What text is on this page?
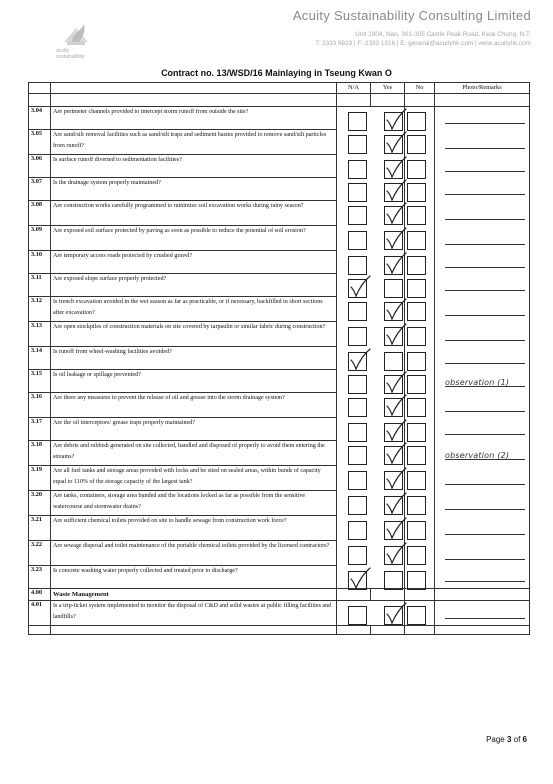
acuity
sustainability
Acuity Sustainability Consulting Limited
Unit 1904, Nan, 301-305 Castle Peak Road, Kwai Chung, N.T.
T: 2333 6823 | F: 2333 1316 | E: general@acuityhk.com | www.acuityhk.com
Contract no. 13/WSD/16 Mainlaying in Tseung Kwan O
		N/A	Yes	No	Photo/Remarks

3.04	Are perimeter channels provided to intercept storm runoff from outside the site?	

3.05	Are sand/silt removal facilities such as sand/silt traps and sediment basins provided to remove sand/silt particles from runoff?	

3.06	Is surface runoff diverted to sedimentation facilities?	

3.07	Is the drainage system properly maintained?	

3.08	Are construction works carefully programmed to minimize soil excavation works during rainy season?	

3.09	Are exposed soil surface protected by paving as soon as possible to reduce the potential of soil erosion?	

3.10	Are temporary access roads protected by crushed gravel?	

3.11	Are exposed slope surface properly protected?	

3.12	Is trench excavation avoided in the wet season as far as practicable, or if necessary, backfilled in short sections after excavation?	

3.13	Are open stockpiles of construction materials on site covered by tarpaulin or similar fabric during construction?	

3.14	Is runoff from wheel-washing facilities avoided?	

3.15	Is oil leakage or spillage prevented?				observation (1)

3.16	Are there any measures to prevent the release of oil and grease into the storm drainage system?	

3.17	Are the oil interceptors/ grease traps properly maintained?	

3.18	Are debris and rubbish generated on site collected, handled and disposed of properly to avoid them entering the streams?				observation (2)

3.19	Are all fuel tanks and storage areas provided with locks and be sited on sealed areas, within bunds of capacity equal to 110% of the storage capacity of the largest tank?	

3.20	Are tanks, containers, storage area bunded and the locations locked as far as possible from the sensitive watercourse and stormwater drains?	

3.21	Are sufficient chemical toilets provided on site to handle sewage from construction work force?	

3.22	Are sewage disposal and toilet maintenance of the portable chemical toilets provided by the licensed contractors?	

3.23	Is concrete washing water properly collected and treated prior to discharge?	

4.00	Waste Management				
4.01	Is a trip-ticket system implemented to monitor the disposal of C&D and solid wastes at public filling facilities and landfills?	

Page 3 of 6
